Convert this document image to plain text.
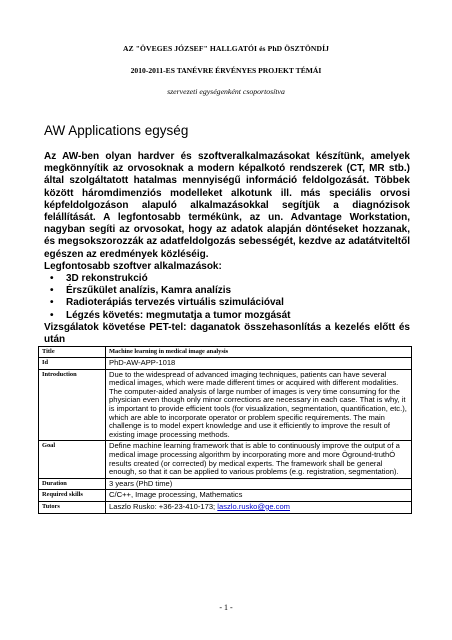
AZ "ÖVEGES JÓZSEF" HALLGATÓI és PhD ÖSZTÖNDÍJ
2010-2011-ES TANÉVRE ÉRVÉNYES PROJEKT TÉMÁI
szervezeti egységenként csoportosítva
AW Applications egység

Az AW-ben olyan hardver és szoftveralkalmazásokat készítünk, amelyek megkönnyítik az orvosoknak a modern képalkotó rendszerek (CT, MR stb.) által szolgáltatott hatalmas mennyiségű információ feldolgozását. Többek között háromdimenziós modelleket alkotunk ill. más speciális orvosi képfeldolgozáson alapuló alkalmazásokkal segítjük a diagnózisok felállítását. A legfontosabb termékünk, az un. Advantage Workstation, nagyban segíti az orvosokat, hogy az adatok alapján döntéseket hozzanak, és megsokszorozzák az adatfeldolgozás sebességét, kezdve az adatátviteltől egészen az eredmények közléséig.

Legfontosabb szoftver alkalmazások:

• 3D rekonstrukció
• Érszűkület analízis, Kamra analízis
• Radioterápiás tervezés virtuális szimulációval
• Légzés követés: megmutatja a tumor mozgását

Vizsgálatok követése PET-tel: daganatok összehasonlítás a kezelés előtt és után

Title	Machine learning in medical image analysis
Id	PhD-AW-APP-1018
Introduction	Due to the widespread of advanced imaging techniques, patients can have several medical images, which were made different times or acquired with different modalities. The computer-aided analysis of large number of images is very time consuming for the physician even though only minor corrections are necessary in each case. That is why, it is important to provide efficient tools (for visualization, segmentation, quantification, etc.), which are able to incorporate operator or problem specific requirements. The main challenge is to model expert knowledge and use it efficiently to improve the result of existing image processing methods.
Goal	Define machine learning framework that is able to continuously improve the output of a medical image processing algorithm by incorporating more and more Öground-truthÓ results created (or corrected) by medical experts. The framework shall be general enough, so that it can be applied to various problems (e.g. registration, segmentation).
Duration	3 years (PhD time)
Required skills	C/C++, Image processing, Mathematics
Tutors	Laszlo Rusko: +36-23-410-173; laszlo.rusko@ge.com
- 1 -
